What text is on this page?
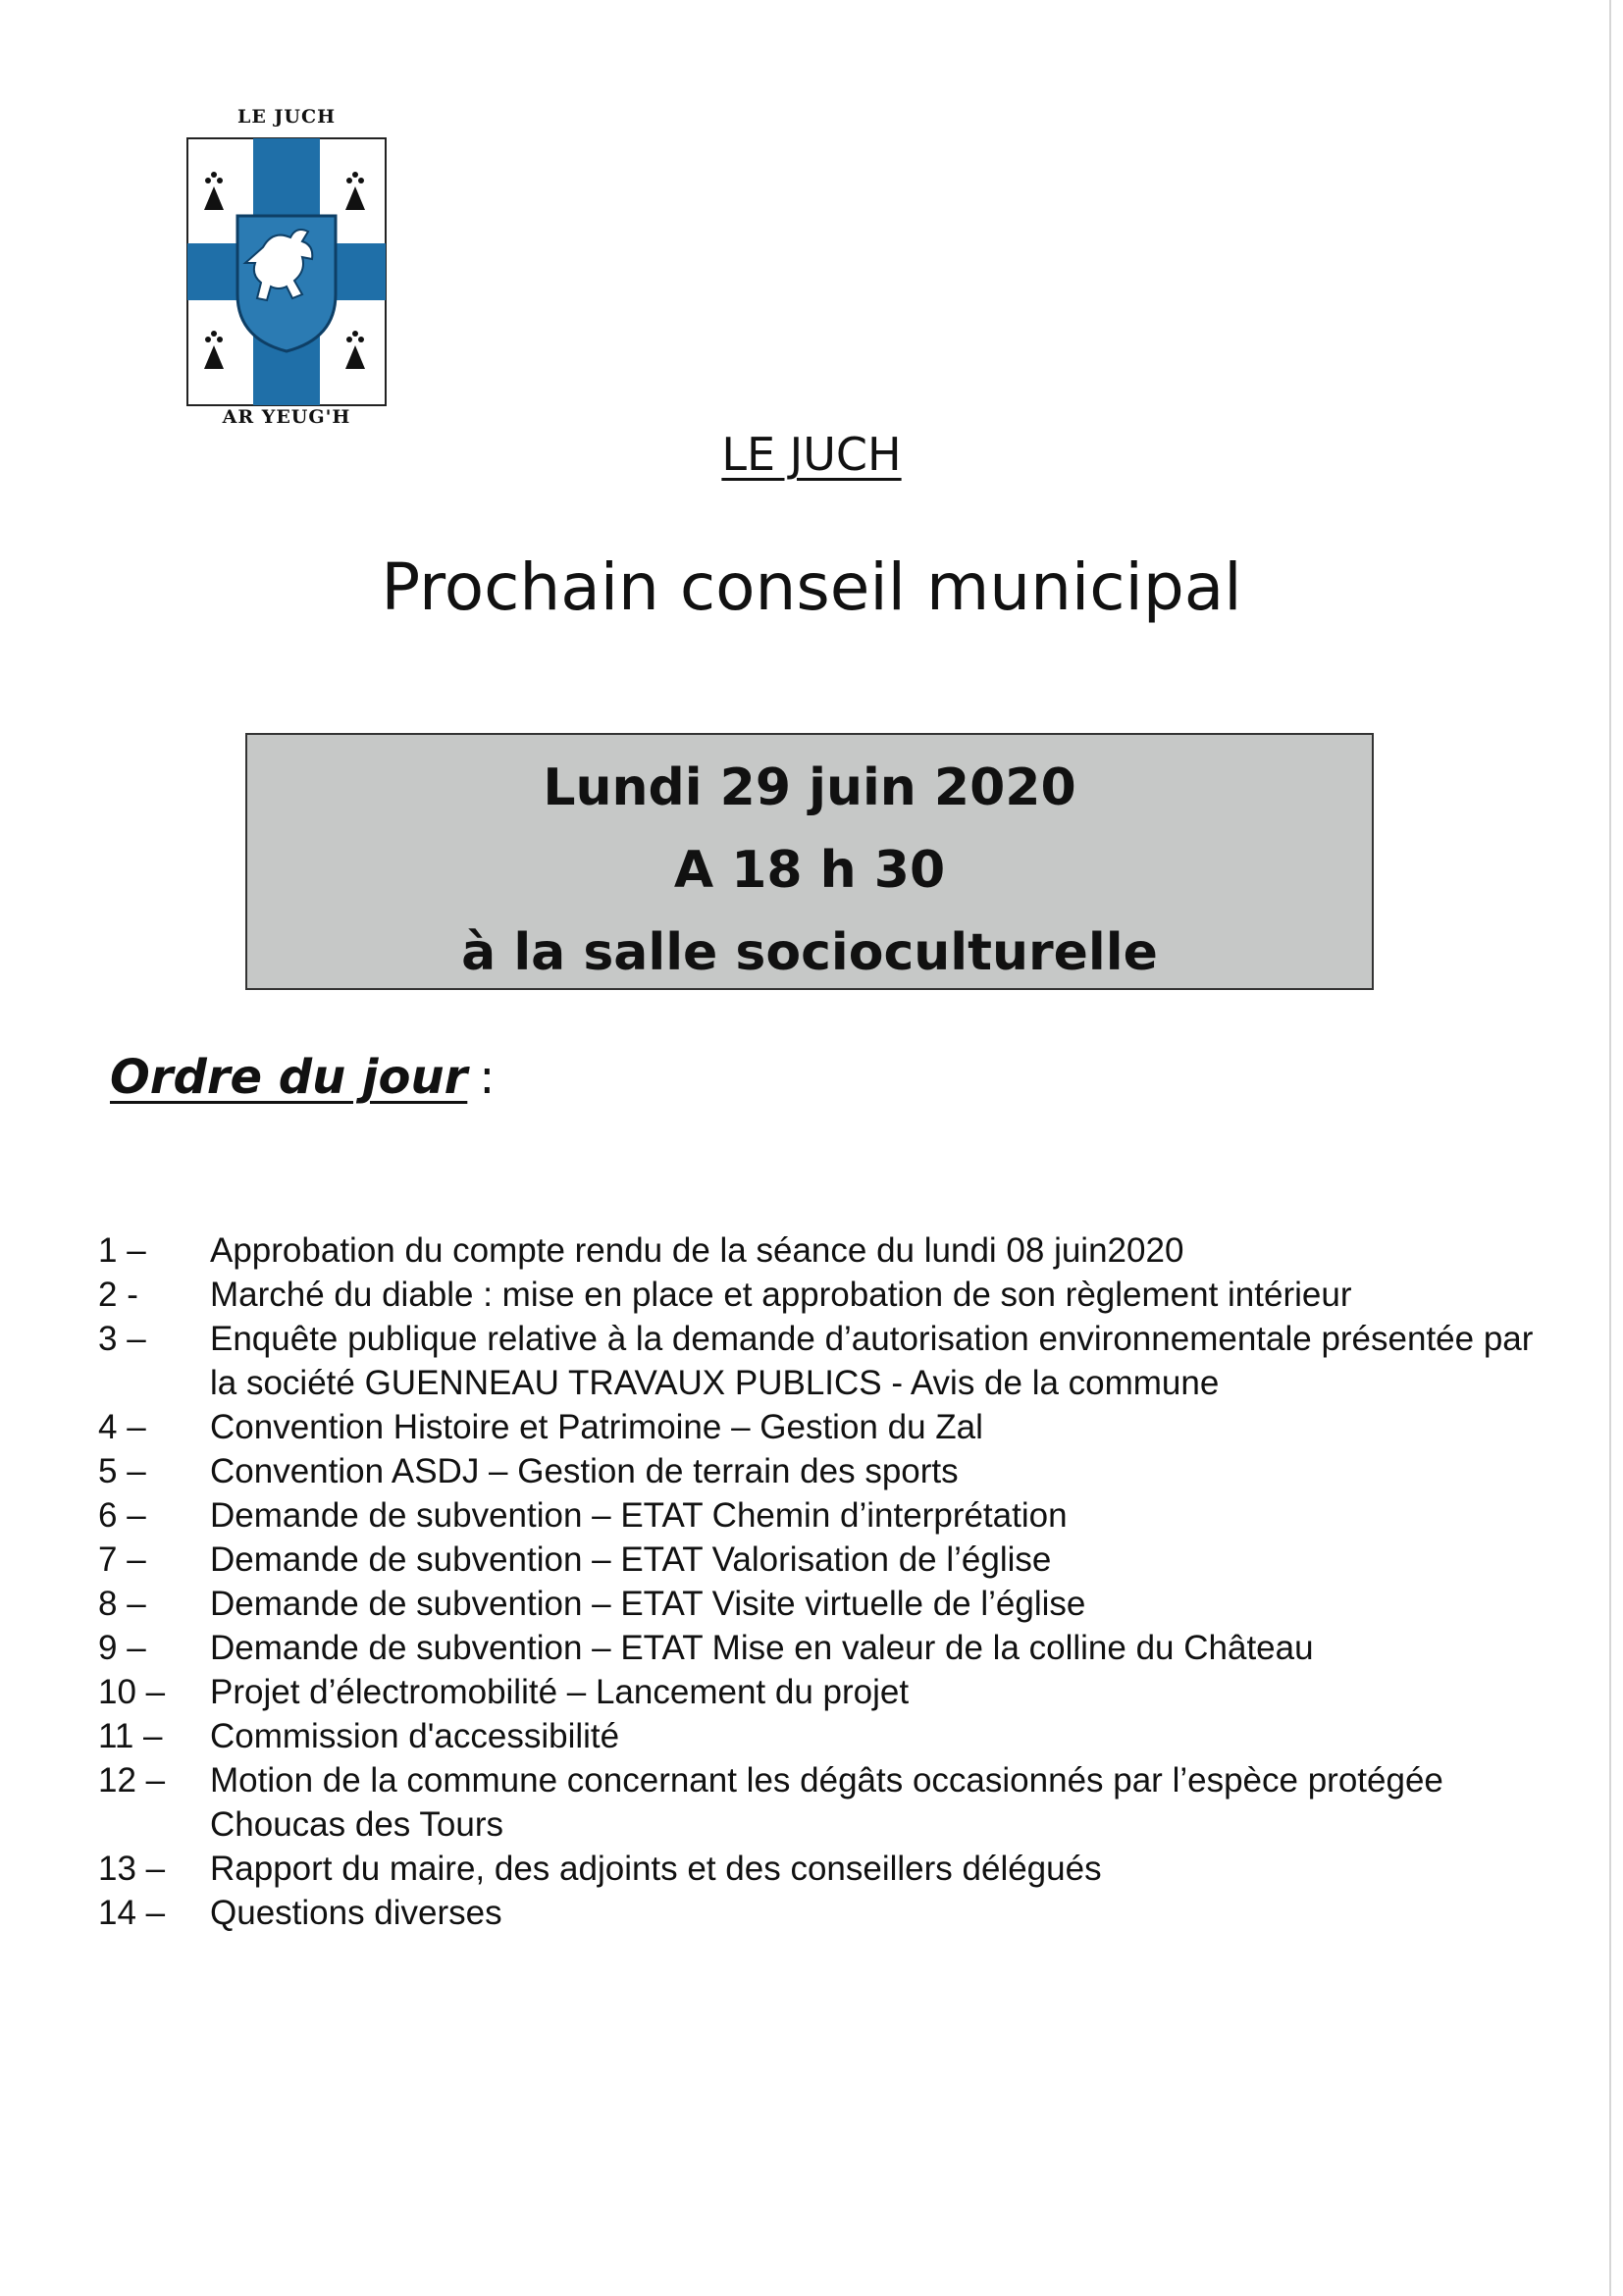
LE JUCH
AR YEUG'H
LE JUCH
Prochain conseil municipal
Lundi 29 juin 2020
A 18 h 30
à la salle socioculturelle
Ordre du jour :
1 –	Approbation du compte rendu de la séance du lundi 08 juin2020
2 -	Marché du diable : mise en place et approbation de son règlement intérieur
3 –	Enquête publique relative à la demande d’autorisation environnementale présentée par la société GUENNEAU TRAVAUX PUBLICS - Avis de la commune
4 –	Convention Histoire et Patrimoine – Gestion du Zal
5 –	Convention ASDJ – Gestion de terrain des sports
6 –	Demande de subvention – ETAT Chemin d’interprétation
7 –	Demande de subvention – ETAT Valorisation de l’église
8 –	Demande de subvention – ETAT Visite virtuelle de l’église
9 –	Demande de subvention – ETAT Mise en valeur de la colline du Château
10 –	Projet d’électromobilité – Lancement du projet
11 –	Commission d'accessibilité
12 –	Motion de la commune concernant les dégâts occasionnés par l’espèce protégée Choucas des Tours
13 –	Rapport du maire, des adjoints et des conseillers délégués
14 –	Questions diverses
